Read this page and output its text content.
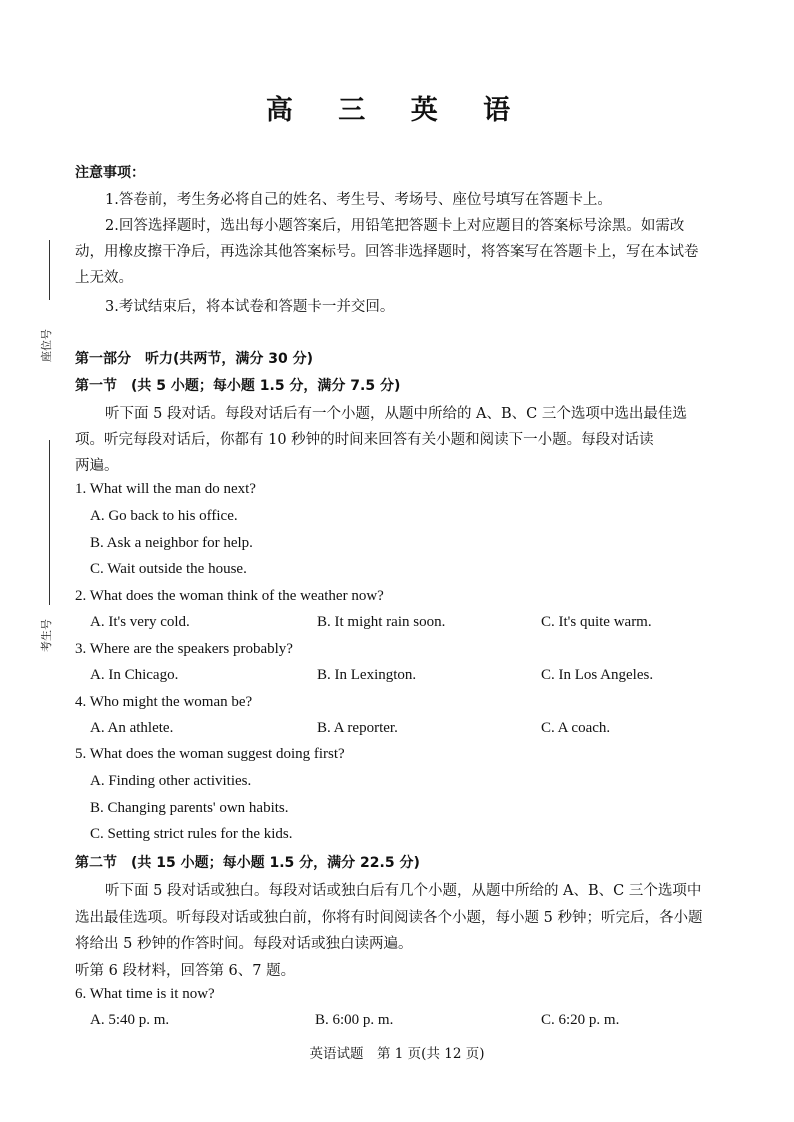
座位号
考生号
高 三 英 语
注意事项：
1.答卷前，考生务必将自己的姓名、考生号、考场号、座位号填写在答题卡上。
2.回答选择题时，选出每小题答案后，用铅笔把答题卡上对应题目的答案标号涂黑。如需改
动，用橡皮擦干净后，再选涂其他答案标号。回答非选择题时，将答案写在答题卡上，写在本试卷
上无效。
3.考试结束后，将本试卷和答题卡一并交回。
第一部分　听力(共两节，满分 30 分)
第一节　(共 5 小题；每小题 1.5 分，满分 7.5 分)
听下面 5 段对话。每段对话后有一个小题，从题中所给的 A、B、C 三个选项中选出最佳选
项。听完每段对话后，你都有 10 秒钟的时间来回答有关小题和阅读下一小题。每段对话读
两遍。
1. What will the man do next?
A. Go back to his office.
B. Ask a neighbor for help.
C. Wait outside the house.
2. What does the woman think of the weather now?
A. It's very cold.	B. It might rain soon.	C. It's quite warm.
3. Where are the speakers probably?
A. In Chicago.	B. In Lexington.	C. In Los Angeles.
4. Who might the woman be?
A. An athlete.	B. A reporter.	C. A coach.
5. What does the woman suggest doing first?
A. Finding other activities.
B. Changing parents' own habits.
C. Setting strict rules for the kids.
第二节　(共 15 小题；每小题 1.5 分，满分 22.5 分)
听下面 5 段对话或独白。每段对话或独白后有几个小题，从题中所给的 A、B、C 三个选项中
选出最佳选项。听每段对话或独白前，你将有时间阅读各个小题，每小题 5 秒钟；听完后，各小题
将给出 5 秒钟的作答时间。每段对话或独白读两遍。
听第 6 段材料，回答第 6、7 题。
6. What time is it now?
A. 5:40 p. m.	B. 6:00 p. m.	C. 6:20 p. m.
英语试题　第 1 页(共 12 页)
